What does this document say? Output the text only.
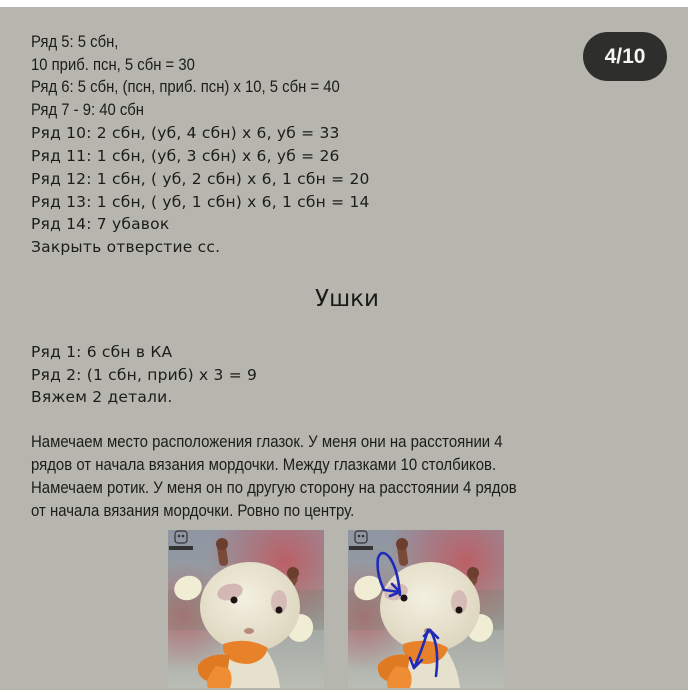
4/10
Ряд 5: 5 сбн,
10 приб. псн, 5 сбн = 30
Ряд 6: 5 сбн, (псн, приб. псн) х 10, 5 сбн = 40
Ряд 7 - 9: 40 сбн
Ряд 10: 2 сбн, (уб, 4 сбн) х 6, уб = 33
Ряд 11: 1 сбн, (уб, 3 сбн) х 6, уб = 26
Ряд 12: 1 сбн, ( уб, 2 сбн) х 6, 1 сбн = 20
Ряд 13: 1 сбн, ( уб, 1 сбн) х 6, 1 сбн = 14
Ряд 14: 7 убавок
Закрыть отверстие сс.
Ушки
Ряд 1: 6 сбн в КА
Ряд 2: (1 сбн, приб) х 3 = 9
Вяжем 2 детали.
Намечаем место расположения глазок. У меня они на расстоянии 4
рядов от начала вязания мордочки. Между глазками 10 столбиков.
Намечаем ротик. У меня он по другую сторону на расстоянии 4 рядов
от начала вязания мордочки. Ровно по центру.
